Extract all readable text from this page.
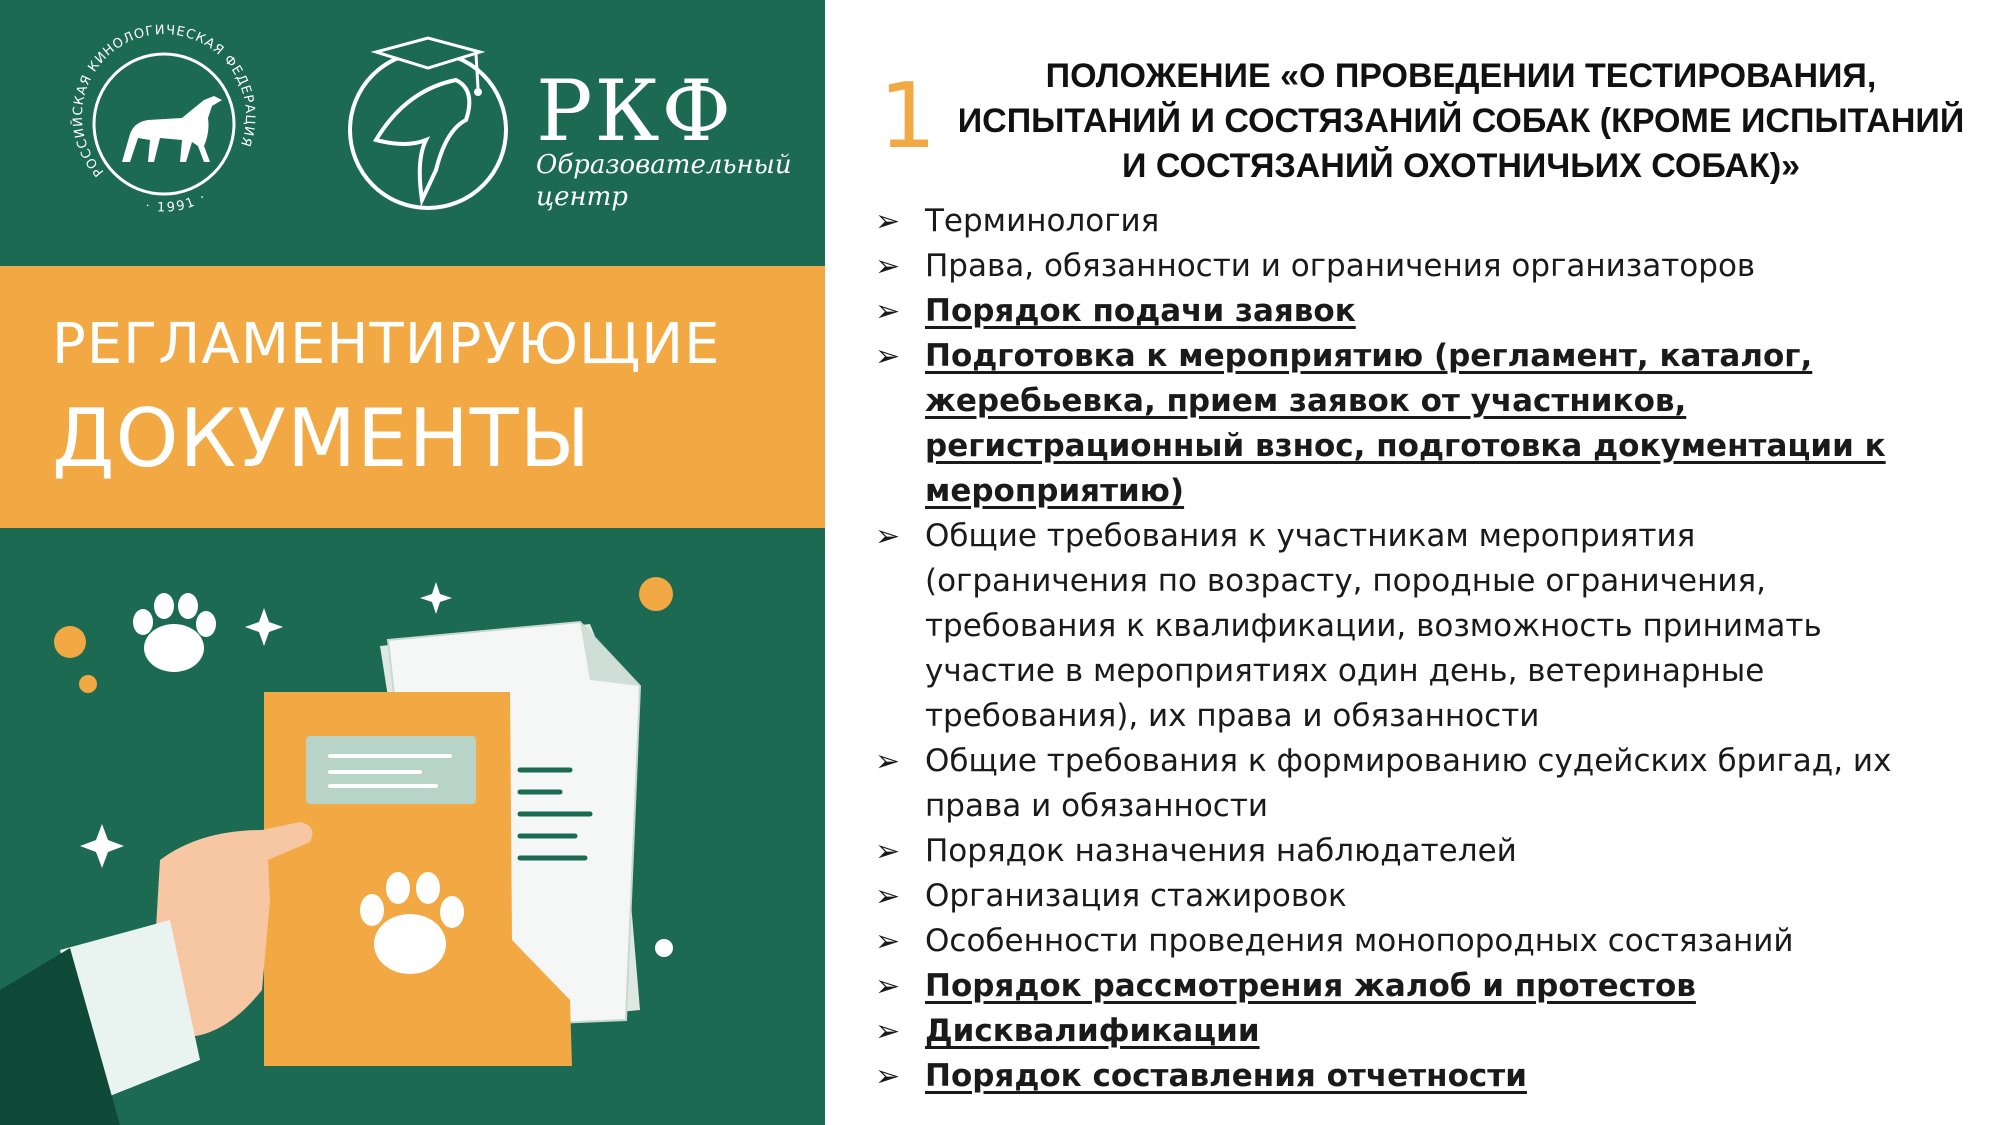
РОССИЙСКАЯ КИНОЛОГИЧЕСКАЯ ФЕДЕРАЦИЯ
· 1991 ·
РКФ
Образовательный
центр
РЕГЛАМЕНТИРУЮЩИЕ
ДОКУМЕНТЫ
1	ПОЛОЖЕНИЕ «О ПРОВЕДЕНИИ ТЕСТИРОВАНИЯ,
ИСПЫТАНИЙ И СОСТЯЗАНИЙ СОБАК (КРОМЕ ИСПЫТАНИЙ
И СОСТЯЗАНИЙ ОХОТНИЧЬИХ СОБАК)»
➢ Терминология
➢ Права, обязанности и ограничения организаторов
➢ Порядок подачи заявок
➢ Подготовка к мероприятию (регламент, каталог,
жеребьевка, прием заявок от участников,
регистрационный взнос, подготовка документации к
мероприятию)
➢ Общие требования к участникам мероприятия
(ограничения по возрасту, породные ограничения,
требования к квалификации, возможность принимать
участие в мероприятиях один день, ветеринарные
требования), их права и обязанности
➢ Общие требования к формированию судейских бригад, их
права и обязанности
➢ Порядок назначения наблюдателей
➢ Организация стажировок
➢ Особенности проведения монопородных состязаний
➢ Порядок рассмотрения жалоб и протестов
➢ Дисквалификации
➢ Порядок составления отчетности
